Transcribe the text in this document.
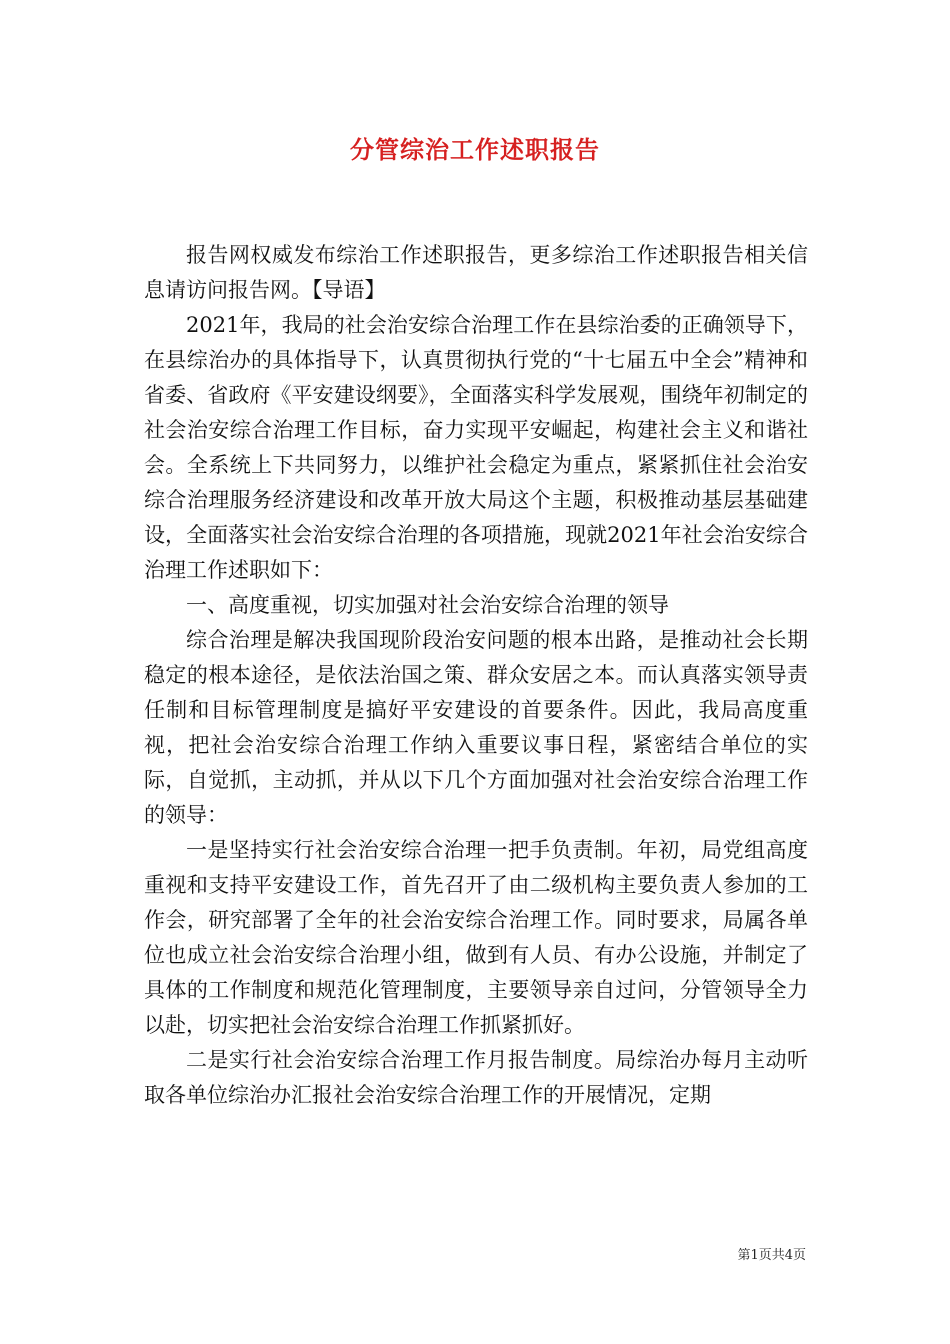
分管综治工作述职报告

报告网权威发布综治工作述职报告，更多综治工作述职报告相关信息请访问报告网。【导语】

2021年，我局的社会治安综合治理工作在县综治委的正确领导下，在县综治办的具体指导下，认真贯彻执行党的“十七届五中全会”精神和省委、省政府《平安建设纲要》，全面落实科学发展观，围绕年初制定的社会治安综合治理工作目标，奋力实现平安崛起，构建社会主义和谐社会。全系统上下共同努力，以维护社会稳定为重点，紧紧抓住社会治安综合治理服务经济建设和改革开放大局这个主题，积极推动基层基础建设，全面落实社会治安综合治理的各项措施，现就2021年社会治安综合治理工作述职如下：

一、高度重视，切实加强对社会治安综合治理的领导

综合治理是解决我国现阶段治安问题的根本出路，是推动社会长期稳定的根本途径，是依法治国之策、群众安居之本。而认真落实领导责任制和目标管理制度是搞好平安建设的首要条件。因此，我局高度重视，把社会治安综合治理工作纳入重要议事日程，紧密结合单位的实际，自觉抓，主动抓，并从以下几个方面加强对社会治安综合治理工作的领导：

一是坚持实行社会治安综合治理一把手负责制。年初，局党组高度重视和支持平安建设工作，首先召开了由二级机构主要负责人参加的工作会，研究部署了全年的社会治安综合治理工作。同时要求，局属各单位也成立社会治安综合治理小组，做到有人员、有办公设施，并制定了具体的工作制度和规范化管理制度，主要领导亲自过问，分管领导全力以赴，切实把社会治安综合治理工作抓紧抓好。

二是实行社会治安综合治理工作月报告制度。局综治办每月主动听取各单位综治办汇报社会治安综合治理工作的开展情况，定期

第1页共4页
